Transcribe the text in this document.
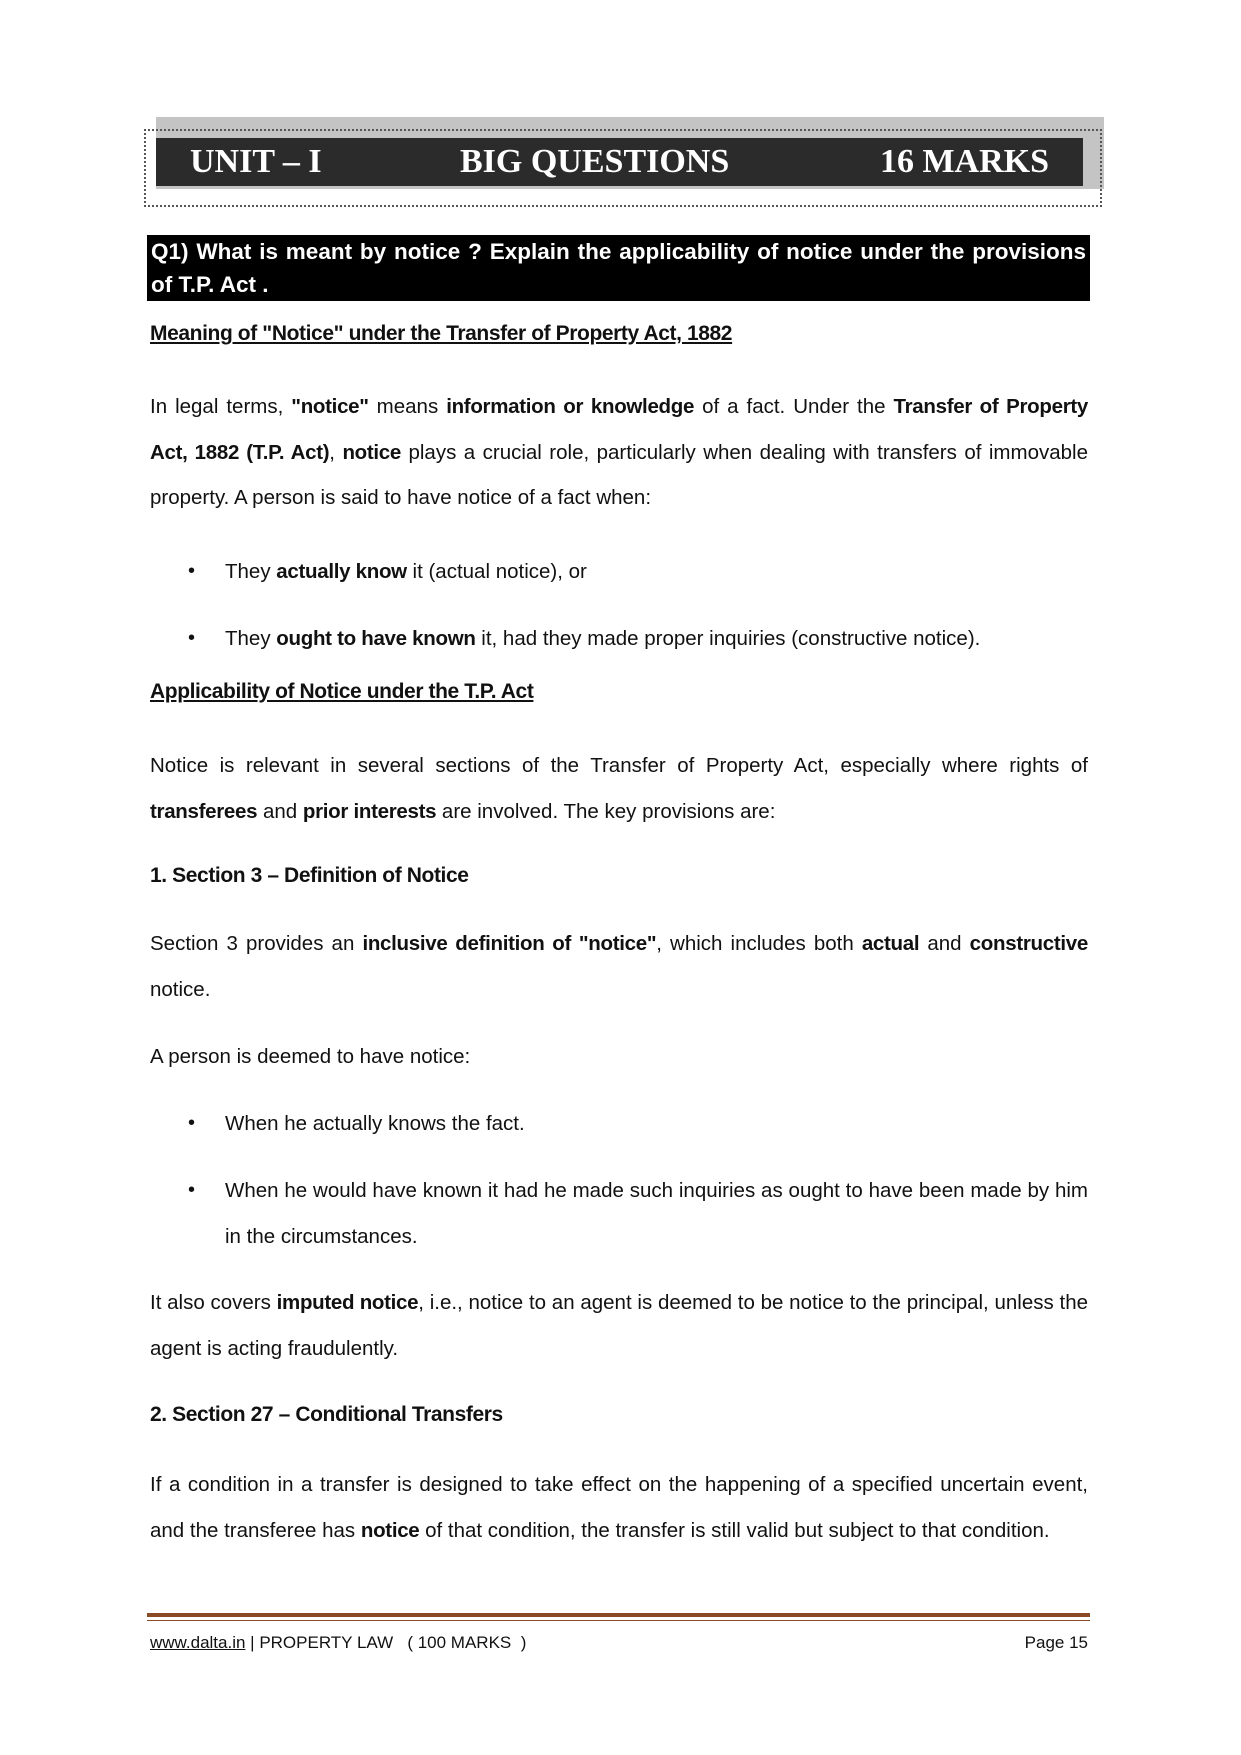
UNIT – I	BIG QUESTIONS	16 MARKS
Q1) What is meant by notice ? Explain the applicability of notice under the provisions of T.P. Act .
Meaning of "Notice" under the Transfer of Property Act, 1882
In legal terms, "notice" means information or knowledge of a fact. Under the Transfer of Property Act, 1882 (T.P. Act), notice plays a crucial role, particularly when dealing with transfers of immovable property. A person is said to have notice of a fact when:
•	They actually know it (actual notice), or
•	They ought to have known it, had they made proper inquiries (constructive notice).
Applicability of Notice under the T.P. Act
Notice is relevant in several sections of the Transfer of Property Act, especially where rights of transferees and prior interests are involved. The key provisions are:
1. Section 3 – Definition of Notice
Section 3 provides an inclusive definition of "notice", which includes both actual and constructive notice.
A person is deemed to have notice:
•	When he actually knows the fact.
•	When he would have known it had he made such inquiries as ought to have been made by him in the circumstances.
It also covers imputed notice, i.e., notice to an agent is deemed to be notice to the principal, unless the agent is acting fraudulently.
2. Section 27 – Conditional Transfers
If a condition in a transfer is designed to take effect on the happening of a specified uncertain event, and the transferee has notice of that condition, the transfer is still valid but subject to that condition.
www.dalta.in | PROPERTY LAW   ( 100 MARKS  )	Page 15
